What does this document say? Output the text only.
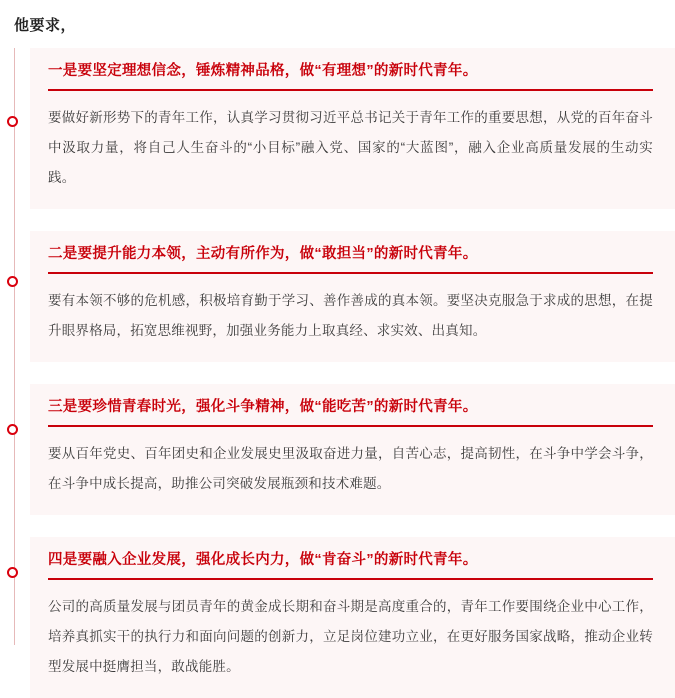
他要求，
一是要坚定理想信念，锤炼精神品格，做“有理想”的新时代青年。
要做好新形势下的青年工作，认真学习贯彻习近平总书记关于青年工作的重要思想，从党的百年奋斗中汲取力量，将自己人生奋斗的“小目标”融入党、国家的“大蓝图”，融入企业高质量发展的生动实践。
二是要提升能力本领，主动有所作为，做“敢担当”的新时代青年。
要有本领不够的危机感，积极培育勤于学习、善作善成的真本领。要坚决克服急于求成的思想，在提升眼界格局，拓宽思维视野，加强业务能力上取真经、求实效、出真知。
三是要珍惜青春时光，强化斗争精神，做“能吃苦”的新时代青年。
要从百年党史、百年团史和企业发展史里汲取奋进力量，自苦心志，提高韧性，在斗争中学会斗争，在斗争中成长提高，助推公司突破发展瓶颈和技术难题。
四是要融入企业发展，强化成长内力，做“肯奋斗”的新时代青年。
公司的高质量发展与团员青年的黄金成长期和奋斗期是高度重合的，青年工作要围绕企业中心工作，培养真抓实干的执行力和面向问题的创新力，立足岗位建功立业，在更好服务国家战略，推动企业转型发展中挺膺担当，敢战能胜。
